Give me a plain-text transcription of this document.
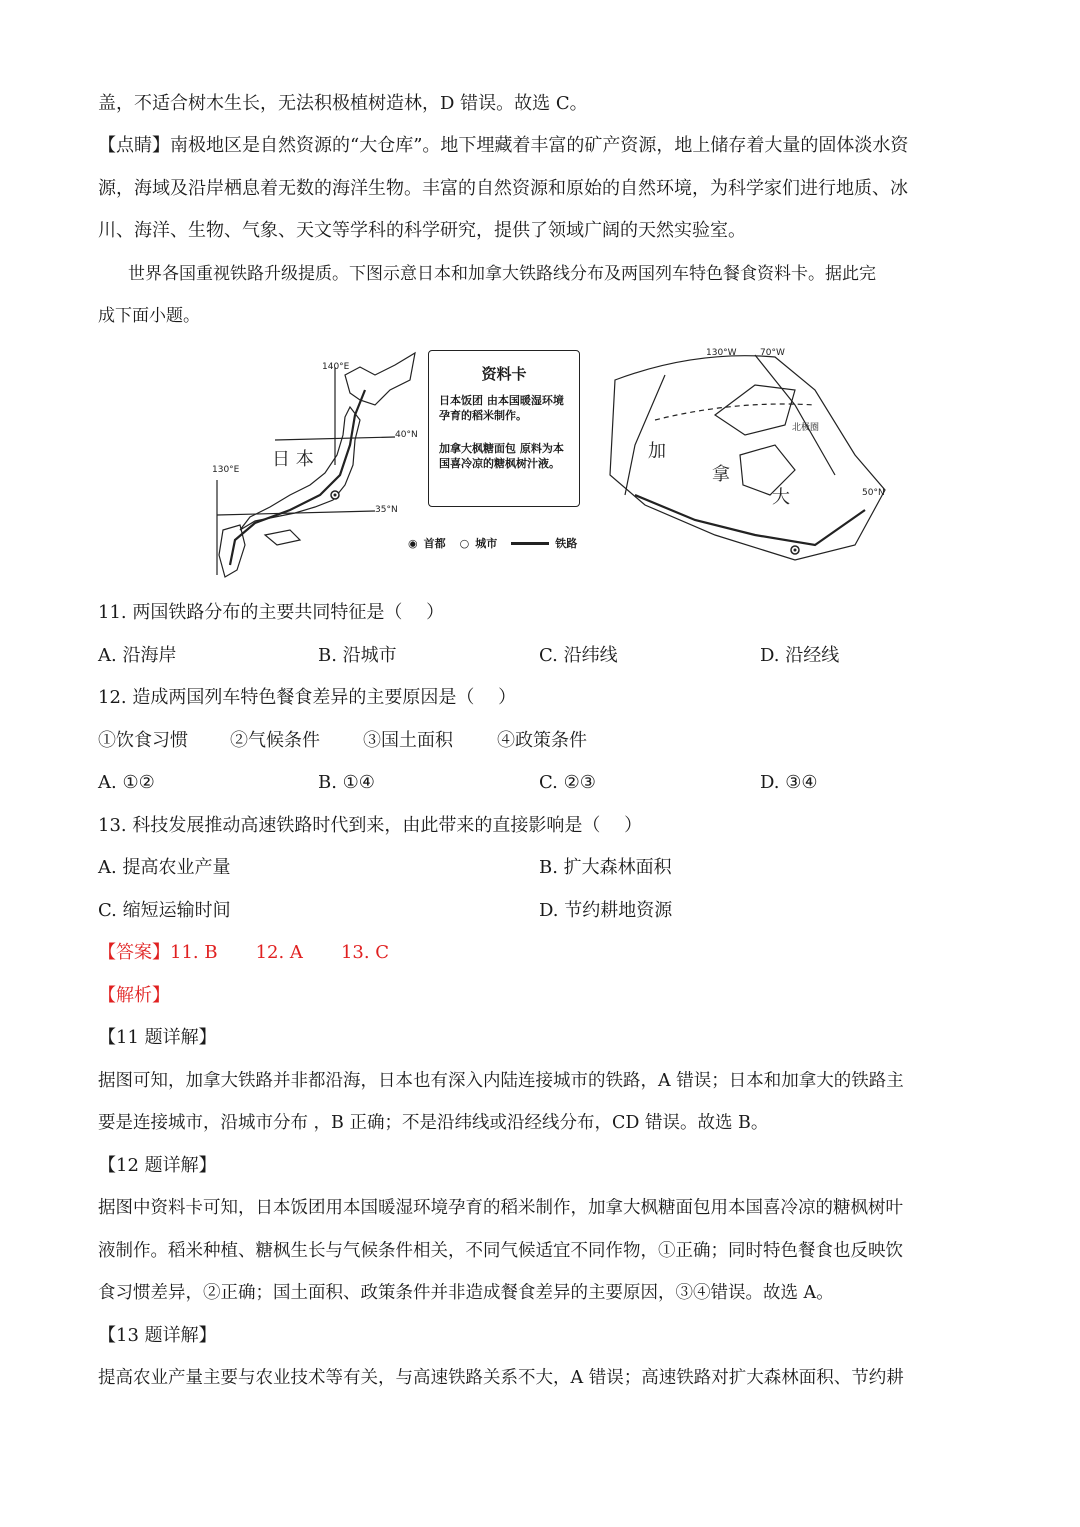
盖，不适合树木生长，无法积极植树造林，D 错误。故选 C。
【点睛】南极地区是自然资源的“大仓库”。地下埋藏着丰富的矿产资源，地上储存着大量的固体淡水资
源，海域及沿岸栖息着无数的海洋生物。丰富的自然资源和原始的自然环境，为科学家们进行地质、冰
川、海洋、生物、气象、天文等学科的科学研究，提供了领域广阔的天然实验室。
世界各国重视铁路升级提质。下图示意日本和加拿大铁路线分布及两国列车特色餐食资料卡。据此完
成下面小题。
140°E
40°N
130°E
35°N
日 本
130°W	70°W
北极圈
50°N
加
拿
大
资料卡
日本饭团 由本国暖湿环境孕育的稻米制作。
加拿大枫糖面包 原料为本国喜冷凉的糖枫树汁液。
◉ 首都 ○ 城市	铁路
11. 两国铁路分布的主要共同特征是（　 ）
A. 沿海岸	B. 沿城市	C. 沿纬线	D. 沿经线
12. 造成两国列车特色餐食差异的主要原因是（　 ）
①饮食习惯 ②气候条件 ③国土面积 ④政策条件
A. ①②	B. ①④	C. ②③	D. ③④
13. 科技发展推动高速铁路时代到来，由此带来的直接影响是（　 ）
A. 提高农业产量	B. 扩大森林面积
C. 缩短运输时间	D. 节约耕地资源
【答案】11. B 12. A 13. C
【解析】
【11 题详解】
据图可知，加拿大铁路并非都沿海，日本也有深入内陆连接城市的铁路，A 错误；日本和加拿大的铁路主
要是连接城市，沿城市分布 ，B 正确；不是沿纬线或沿经线分布，CD 错误。故选 B。
【12 题详解】
据图中资料卡可知，日本饭团用本国暖湿环境孕育的稻米制作，加拿大枫糖面包用本国喜冷凉的糖枫树叶
液制作。稻米种植、糖枫生长与气候条件相关，不同气候适宜不同作物，①正确；同时特色餐食也反映饮
食习惯差异，②正确；国土面积、政策条件并非造成餐食差异的主要原因，③④错误。故选 A。
【13 题详解】
提高农业产量主要与农业技术等有关，与高速铁路关系不大，A 错误；高速铁路对扩大森林面积、节约耕
